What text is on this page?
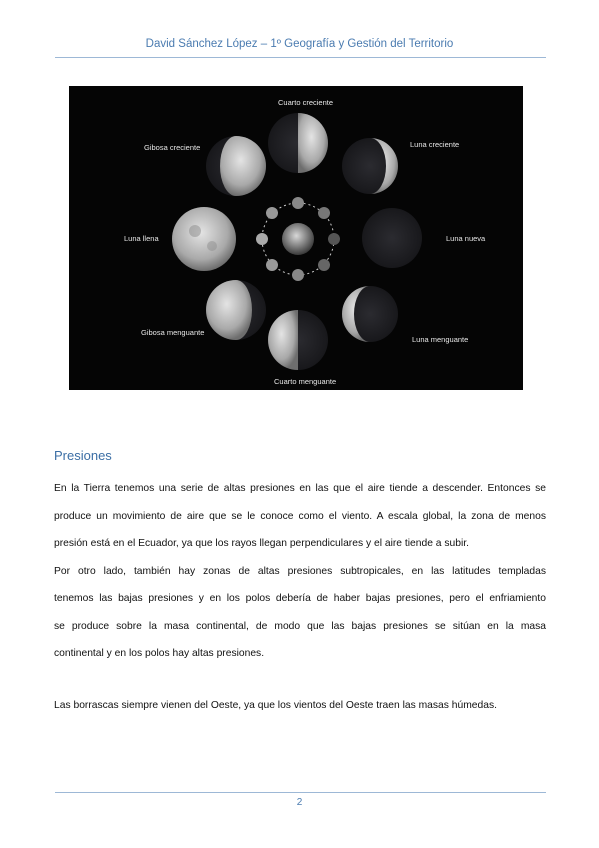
David Sánchez López – 1º Geografía y Gestión del Territorio
Cuarto creciente
Gibosa creciente	Luna creciente
Luna llena	Luna nueva
Gibosa menguante
Luna menguante
Cuarto menguante
Presiones

En la Tierra tenemos una serie de altas presiones en las que el aire tiende a descender. Entonces se

produce un movimiento de aire que se le conoce como el viento. A escala global, la zona de menos

presión está en el Ecuador, ya que los rayos llegan perpendiculares y el aire tiende a subir.

Por otro lado, también hay zonas de altas presiones subtropicales, en las latitudes templadas

tenemos las bajas presiones y en los polos debería de haber bajas presiones, pero el enfriamiento

se produce sobre la masa continental, de modo que las bajas presiones se sitúan en la masa

continental y en los polos hay altas presiones.

Las borrascas siempre vienen del Oeste, ya que los vientos del Oeste traen las masas húmedas.
2
